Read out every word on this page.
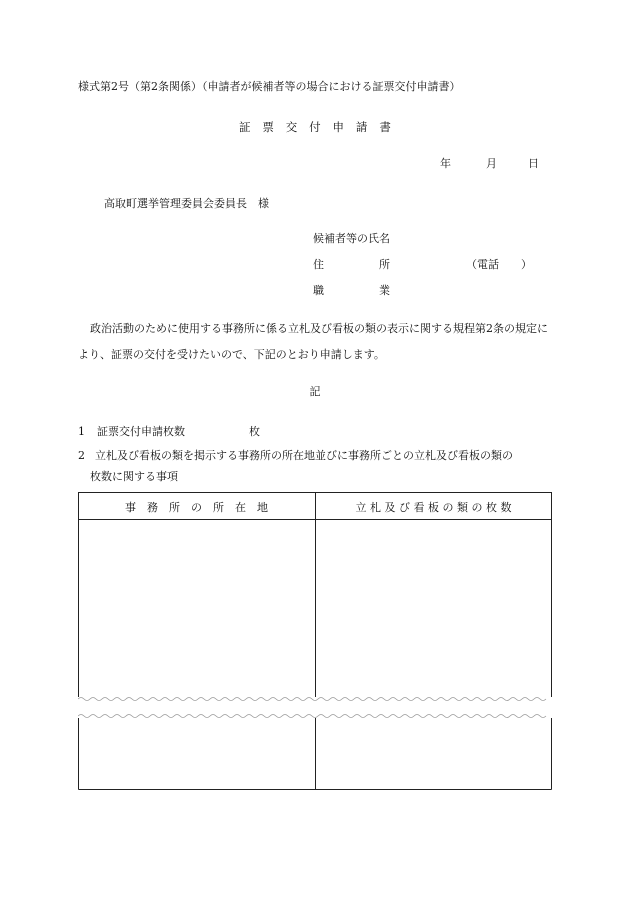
様式第2号（第2条関係）（申請者が候補者等の場合における証票交付申請書）
証　票　交　付　申　請　書
年	月	日
高取町選挙管理委員会委員長　様
候補者等の氏名
住　　　　　所	（電話　　）
職　　　　　業
政治活動のために使用する事務所に係る立札及び看板の類の表示に関する規程第2条の規定により、証票の交付を受けたいので、下記のとおり申請します。
記
1 証票交付申請枚数	枚
2 立札及び看板の類を掲示する事務所の所在地並びに事務所ごとの立札及び看板の類の
枚数に関する事項
事　務　所　の　所　在　地	立 札 及 び 看 板 の 類 の 枚 数
